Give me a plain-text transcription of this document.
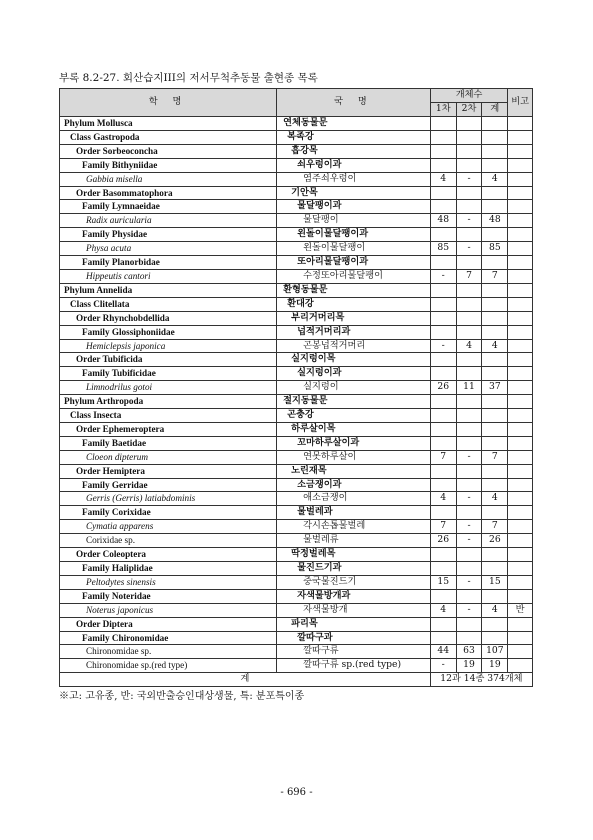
부록 8.2-27. 회산습지III의 저서무척추동물 출현종 목록
학 명	국 명	개체수			비고
		1차	2차	계	
Phylum Mollusca	연체동물문				
Class Gastropoda	복족강				
Order Sorbeoconcha	흡강목				
Family Bithyniidae	쇠우렁이과				
Gabbia misella	염주쇠우렁이	4	-	4	
Order Basommatophora	기안목				
Family Lymnaeidae	물달팽이과				
Radix auricularia	물달팽이	48	-	48	
Family Physidae	왼돌이물달팽이과				
Physa acuta	왼돌이물달팽이	85	-	85	
Family Planorbidae	또아리물달팽이과				
Hippeutis cantori	수정또아리물달팽이	-	7	7	
Phylum Annelida	환형동물문				
Class Clitellata	환대강				
Order Rhynchobdellida	부리거머리목				
Family Glossiphoniidae	넙적거머리과				
Hemiclepsis japonica	곤봉넙적거머리	-	4	4	
Order Tubificida	실지렁이목				
Family Tubificidae	실지렁이과				
Limnodrilus gotoi	실지렁이	26	11	37	
Phylum Arthropoda	절지동물문				
Class Insecta	곤충강				
Order Ephemeroptera	하루살이목				
Family Baetidae	꼬마하루살이과				
Cloeon dipterum	연못하루살이	7	-	7	
Order Hemiptera	노린재목				
Family Gerridae	소금쟁이과				
Gerris (Gerris) latiabdominis	애소금쟁이	4	-	4	
Family Corixidae	물벌레과				
Cymatia apparens	각시손톱물벌레	7	-	7	
Corixidae sp.	물벌레류	26	-	26	
Order Coleoptera	딱정벌레목				
Family Haliplidae	물진드기과				
Peltodytes sinensis	중국물진드기	15	-	15	
Family Noteridae	자색물방개과				
Noterus japonicus	자색물방개	4	-	4	반
Order Diptera	파리목				
Family Chironomidae	깔따구과				
Chironomidae sp.	깔따구류	44	63	107	
Chironomidae sp.(red type)	깔따구류 sp.(red type)	-	19	19	
계		12과 14종 374개체			
※고: 고유종, 반: 국외반출승인대상생물, 특: 분포특이종
- 696 -
